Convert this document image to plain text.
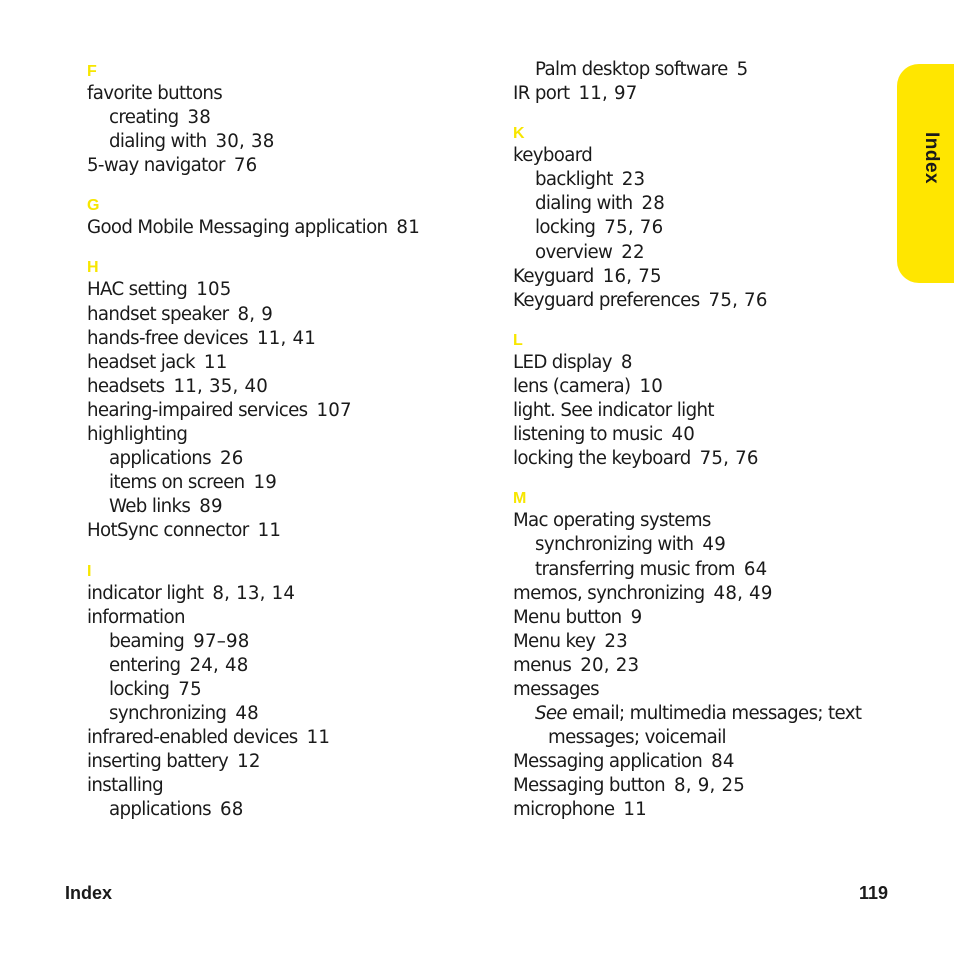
F
favorite buttons
creating 38
dialing with 30, 38
5-way navigator 76
G
Good Mobile Messaging application 81
H
HAC setting 105
handset speaker 8, 9
hands-free devices 11, 41
headset jack 11
headsets 11, 35, 40
hearing-impaired services 107
highlighting
applications 26
items on screen 19
Web links 89
HotSync connector 11
I
indicator light 8, 13, 14
information
beaming 97–98
entering 24, 48
locking 75
synchronizing 48
infrared-enabled devices 11
inserting battery 12
installing
applications 68
Palm desktop software 5
IR port 11, 97
K
keyboard
backlight 23
dialing with 28
locking 75, 76
overview 22
Keyguard 16, 75
Keyguard preferences 75, 76
L
LED display 8
lens (camera) 10
light. See indicator light
listening to music 40
locking the keyboard 75, 76
M
Mac operating systems
synchronizing with 49
transferring music from 64
memos, synchronizing 48, 49
Menu button 9
Menu key 23
menus 20, 23
messages
See email; multimedia messages; text
messages; voicemail
Messaging application 84
Messaging button 8, 9, 25
microphone 11
Index
Index	119
